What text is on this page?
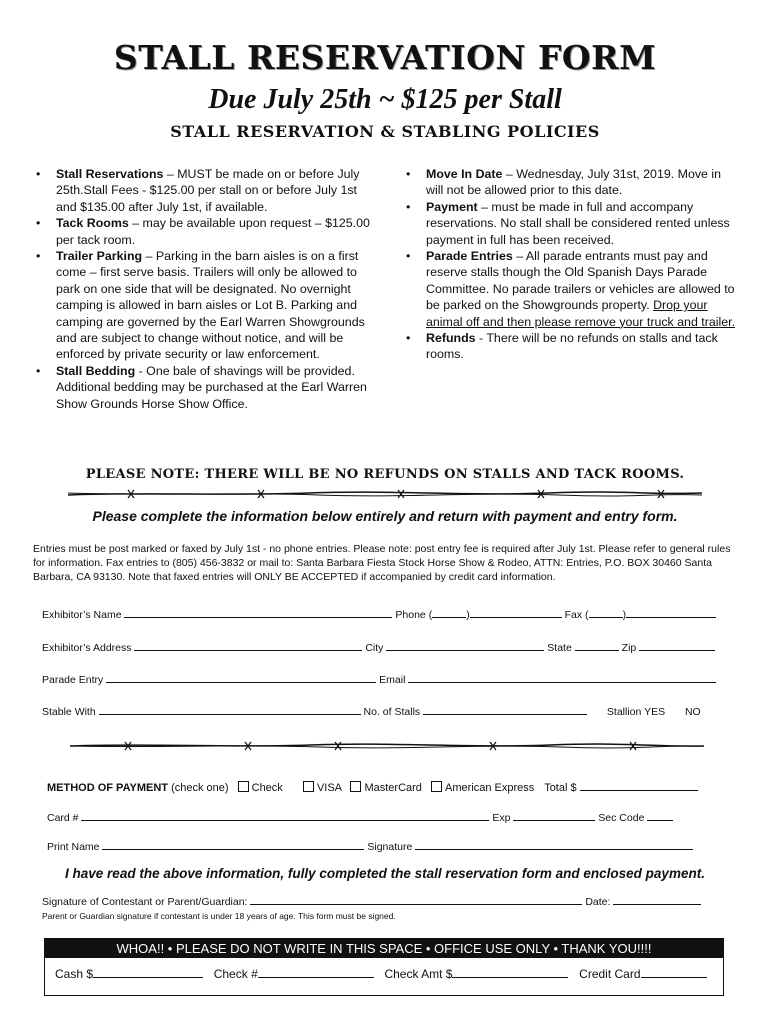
STALL RESERVATION FORM
Due July 25th ~ $125 per Stall
STALL RESERVATION & STABLING POLICIES
• Stall Reservations – MUST be made on or before July 25th.Stall Fees - $125.00 per stall on or before July 1st and $135.00 after July 1st, if available.
• Tack Rooms – may be available upon request – $125.00 per tack room.
• Trailer Parking – Parking in the barn aisles is on a first come – first serve basis. Trailers will only be allowed to park on one side that will be designated. No overnight camping is allowed in barn aisles or Lot B. Parking and camping are governed by the Earl Warren Showgrounds and are subject to change without notice, and will be enforced by private security or law enforcement.
• Stall Bedding - One bale of shavings will be provided. Additional bedding may be purchased at the Earl Warren Show Grounds Horse Show Office.
• Move In Date – Wednesday, July 31st, 2019. Move in will not be allowed prior to this date.
• Payment – must be made in full and accompany reservations. No stall shall be considered rented unless payment in full has been received.
• Parade Entries – All parade entrants must pay and reserve stalls though the Old Spanish Days Parade Committee. No parade trailers or vehicles are allowed to be parked on the Showgrounds property. Drop your animal off and then please remove your truck and trailer.
• Refunds - There will be no refunds on stalls and tack rooms.
PLEASE NOTE: THERE WILL BE NO REFUNDS ON STALLS AND TACK ROOMS.
Please complete the information below entirely and return with payment and entry form.
Entries must be post marked or faxed by July 1st - no phone entries. Please note: post entry fee is required after July 1st. Please refer to general rules for information. Fax entries to (805) 456-3832 or mail to: Santa Barbara Fiesta Stock Horse Show & Rodeo, ATTN: Entries, P.O. BOX 30460 Santa Barbara, CA 93130. Note that faxed entries will ONLY BE ACCEPTED if accompanied by credit card information.
Exhibitor’s Name	Phone (	)	Fax (	)
Exhibitor’s Address	City	State	Zip
Parade Entry	Email
Stable With	No. of Stalls	Stallion YES NO
METHOD OF PAYMENT (check one) Check	VISA MasterCard American Express Total $
Card #	Exp	Sec Code
Print Name	Signature
I have read the above information, fully completed the stall reservation form and enclosed payment.
Signature of Contestant or Parent/Guardian:	Date:
Parent or Guardian signature if contestant is under 18 years of age. This form must be signed.
WHOA!! • PLEASE DO NOT WRITE IN THIS SPACE • OFFICE USE ONLY • THANK YOU!!!!
Cash $	Check #	Check Amt $	Credit Card
